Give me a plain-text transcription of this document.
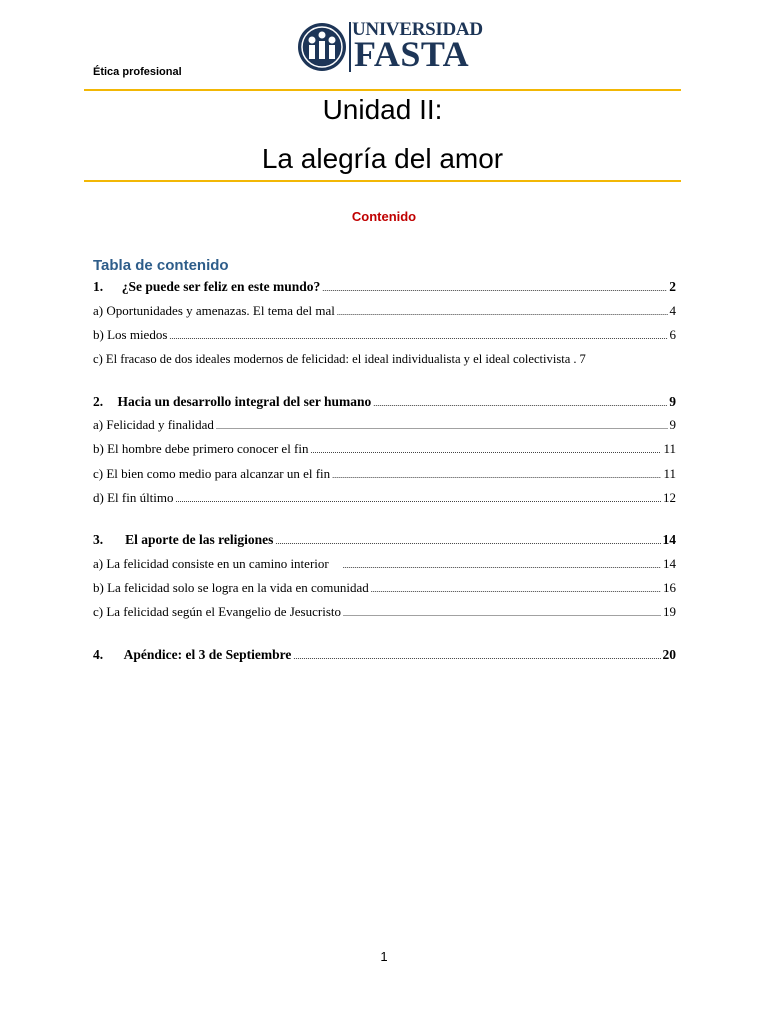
UNIVERSIDAD
FASTA
Ética profesional
Unidad II:
La alegría del amor
Contenido
Tabla de contenido
1.	¿Se puede ser feliz en este mundo? .....	2
a) Oportunidades y amenazas. El tema del mal .....	4
b) Los miedos .....	6
c) El fracaso de dos ideales modernos de felicidad: el ideal individualista y el ideal colectivista . 7
2.	Hacia un desarrollo integral del ser humano .....	9
a) Felicidad y finalidad .....	9
b) El hombre debe primero conocer el fin .....	11
c) El bien como medio para alcanzar un el fin .....	11
d) El fin último .....	12
3.	El aporte de las religiones .....	14
a) La felicidad consiste en un camino interior .....	14
b) La felicidad solo se logra en la vida en comunidad .....	16
c) La felicidad según el Evangelio de Jesucristo .....	19
4.	Apéndice: el 3 de Septiembre .....	20
1
